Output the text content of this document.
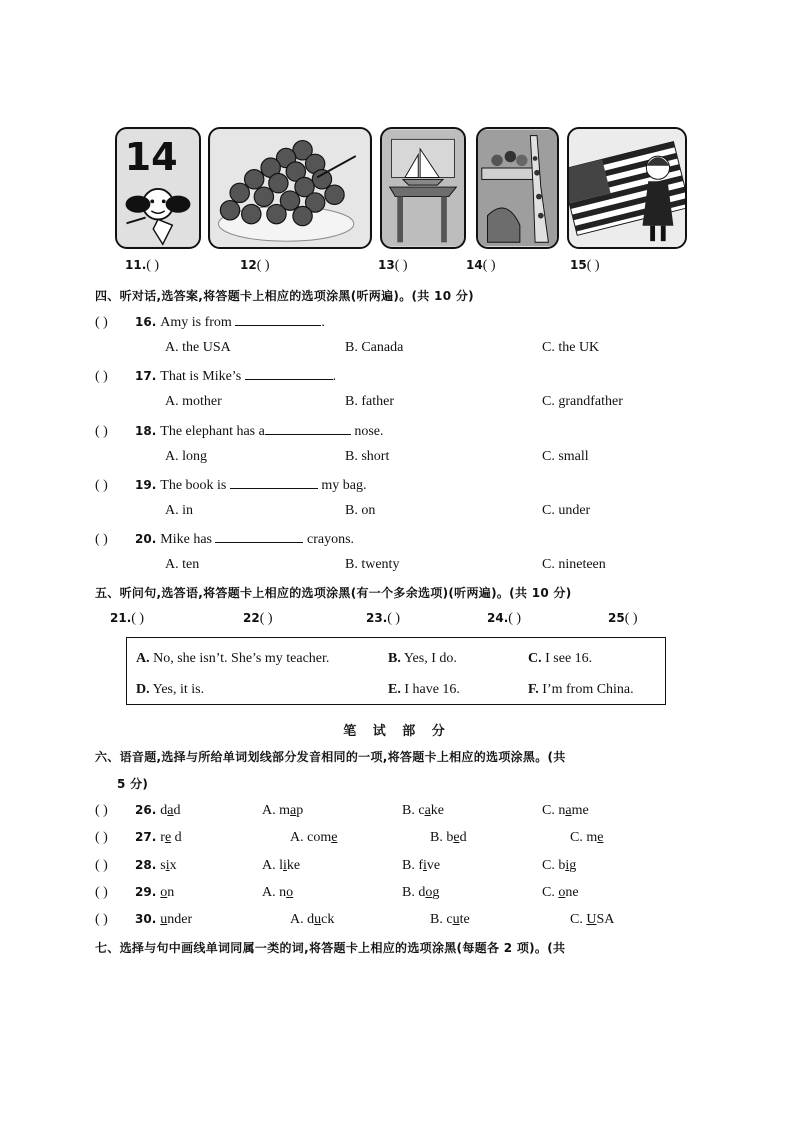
14
11.( )	12( )	13( )	14( )	15( )
四、听对话,选答案,将答题卡上相应的选项涂黑(听两遍)。(共 10 分)
( ) 16. Amy is from	.
A. the USA	B. Canada	C. the UK
( ) 17. That is Mike’s	.
A. mother	B. father	C. grandfather
( ) 18. The elephant has a	nose.
A. long	B. short	C. small
( ) 19. The book is	my bag.
A. in	B. on	C. under
( ) 20. Mike has	crayons.
A. ten	B. twenty	C. nineteen
五、听问句,选答语,将答题卡上相应的选项涂黑(有一个多余选项)(听两遍)。(共 10 分)
21.( )	22( )	23.( )	24.( )	25( )
A. No, she isn’t. She’s my teacher.	B. Yes, I do.	C. I see 16.
D. Yes, it is.	E. I have 16.	F. I’m from China.
笔 试 部 分
六、语音题,选择与所给单词划线部分发音相同的一项,将答题卡上相应的选项涂黑。(共
5 分)
( ) 26. dad	A. map	B. cake	C. name
( ) 27. re d	A. come	B. bed	C. me
( ) 28. six	A. like	B. five	C. big
( ) 29. on	A. no	B. dog	C. one
( ) 30. under	A. duck	B. cute	C. USA
七、选择与句中画线单词同属一类的词,将答题卡上相应的选项涂黑(每题各 2 项)。(共
